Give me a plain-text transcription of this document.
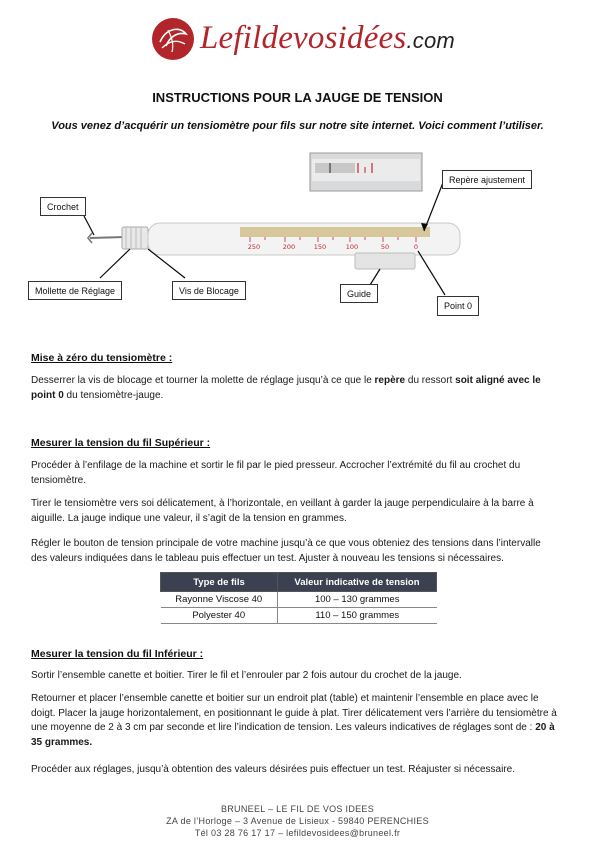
Lefildevosidées.com
INSTRUCTIONS POUR LA JAUGE DE TENSION
Vous venez d’acquérir un tensiomètre pour fils sur notre site internet. Voici comment l’utiliser.
250	200	150	100	50	0
Crochet
Repère ajustement
Mollette de Réglage	Vis de Blocage	Guide
Point 0
Mise à zéro du tensiomètre :
Desserrer la vis de blocage et tourner la molette de réglage jusqu’à ce que le repère du ressort soit aligné avec le point 0 du tensiomètre-jauge.
Mesurer la tension du fil Supérieur :
Procéder à l’enfilage de la machine et sortir le fil par le pied presseur. Accrocher l’extrémité du fil au crochet du tensiomètre.
Tirer le tensiomètre vers soi délicatement, à l’horizontale, en veillant à garder la jauge perpendiculaire à la barre à aiguille. La jauge indique une valeur, il s’agit de la tension en grammes.
Régler le bouton de tension principale de votre machine jusqu’à ce que vous obteniez des tensions dans l’intervalle des valeurs indiquées dans le tableau puis effectuer un test. Ajuster à nouveau les tensions si nécessaires.
Type de fils	Valeur indicative de tension
Rayonne Viscose 40	100 – 130 grammes
Polyester 40	110 – 150 grammes
Mesurer la tension du fil Inférieur :
Sortir l’ensemble canette et boitier. Tirer le fil et l’enrouler par 2 fois autour du crochet de la jauge.
Retourner et placer l’ensemble canette et boitier sur un endroit plat (table) et maintenir l’ensemble en place avec le doigt. Placer la jauge horizontalement, en positionnant le guide à plat. Tirer délicatement vers l’arrière du tensiomètre à une moyenne de 2 à 3 cm par seconde et lire l’indication de tension. Les valeurs indicatives de réglages sont de : 20 à 35 grammes.
Procéder aux réglages, jusqu’à obtention des valeurs désirées puis effectuer un test. Réajuster si nécessaire.
BRUNEEL – LE FIL DE VOS IDEES
ZA de l’Horloge – 3 Avenue de Lisieux - 59840 PERENCHIES
Tél 03 28 76 17 17 – lefildevosidees@bruneel.fr
